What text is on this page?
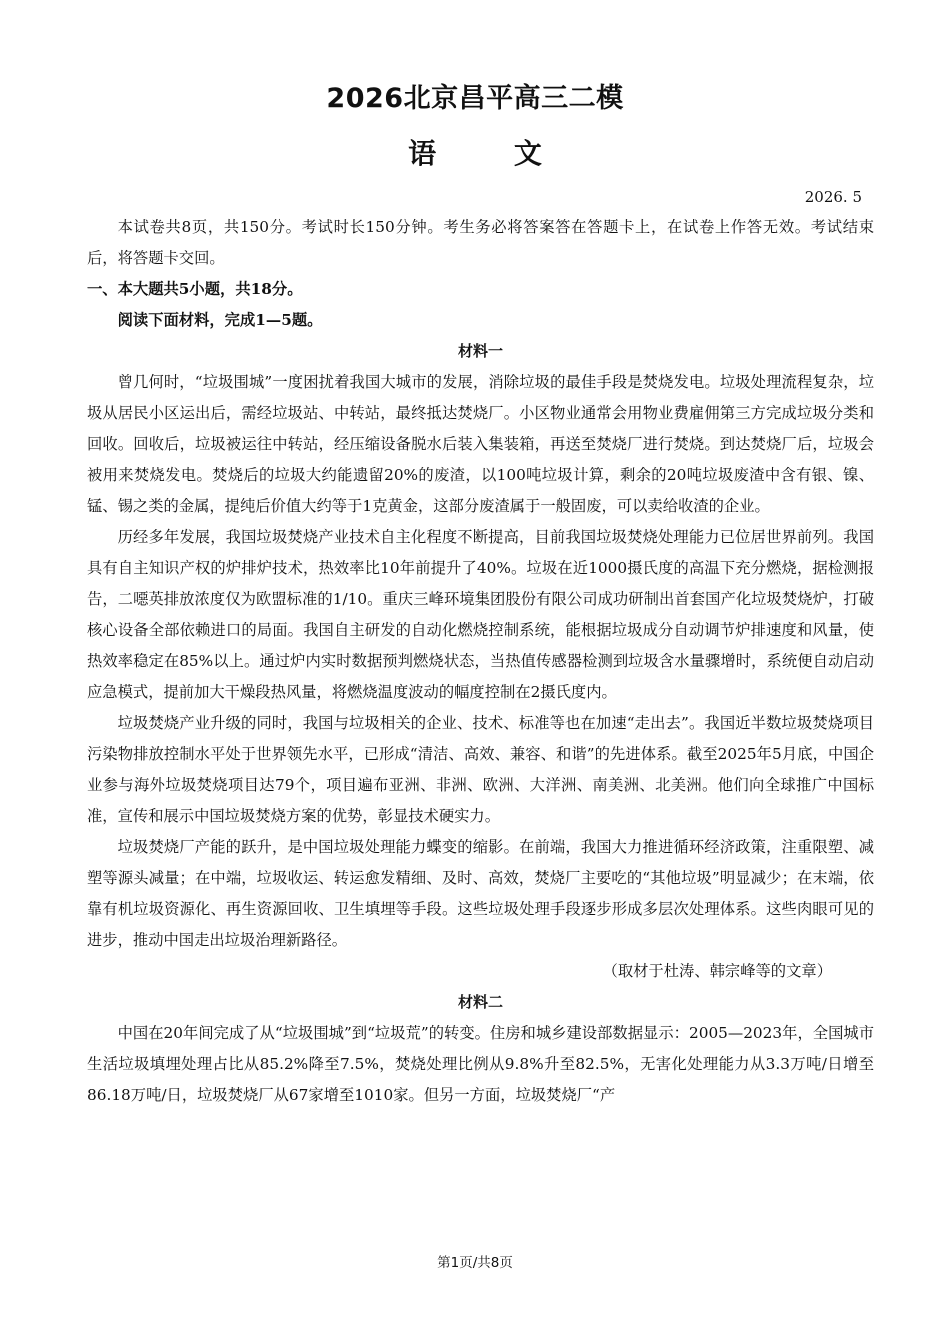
2026北京昌平高三二模
语 文
2026. 5

本试卷共8页，共150分。考试时长150分钟。考生务必将答案答在答题卡上，在试卷上作答无效。考试结束后，将答题卡交回。

一、本大题共5小题，共18分。

阅读下面材料，完成1—5题。

材料一

曾几何时，“垃圾围城”一度困扰着我国大城市的发展，消除垃圾的最佳手段是焚烧发电。垃圾处理流程复杂，垃圾从居民小区运出后，需经垃圾站、中转站，最终抵达焚烧厂。小区物业通常会用物业费雇佣第三方完成垃圾分类和回收。回收后，垃圾被运往中转站，经压缩设备脱水后装入集装箱，再送至焚烧厂进行焚烧。到达焚烧厂后，垃圾会被用来焚烧发电。焚烧后的垃圾大约能遗留20%的废渣，以100吨垃圾计算，剩余的20吨垃圾废渣中含有银、镍、锰、锡之类的金属，提纯后价值大约等于1克黄金，这部分废渣属于一般固废，可以卖给收渣的企业。

历经多年发展，我国垃圾焚烧产业技术自主化程度不断提高，目前我国垃圾焚烧处理能力已位居世界前列。我国具有自主知识产权的炉排炉技术，热效率比10年前提升了40%。垃圾在近1000摄氏度的高温下充分燃烧，据检测报告，二噁英排放浓度仅为欧盟标准的1/10。重庆三峰环境集团股份有限公司成功研制出首套国产化垃圾焚烧炉，打破核心设备全部依赖进口的局面。我国自主研发的自动化燃烧控制系统，能根据垃圾成分自动调节炉排速度和风量，使热效率稳定在85%以上。通过炉内实时数据预判燃烧状态，当热值传感器检测到垃圾含水量骤增时，系统便自动启动应急模式，提前加大干燥段热风量，将燃烧温度波动的幅度控制在2摄氏度内。

垃圾焚烧产业升级的同时，我国与垃圾相关的企业、技术、标准等也在加速“走出去”。我国近半数垃圾焚烧项目污染物排放控制水平处于世界领先水平，已形成“清洁、高效、兼容、和谐”的先进体系。截至2025年5月底，中国企业参与海外垃圾焚烧项目达79个，项目遍布亚洲、非洲、欧洲、大洋洲、南美洲、北美洲。他们向全球推广中国标准，宣传和展示中国垃圾焚烧方案的优势，彰显技术硬实力。

垃圾焚烧厂产能的跃升，是中国垃圾处理能力蝶变的缩影。在前端，我国大力推进循环经济政策，注重限塑、减塑等源头减量；在中端，垃圾收运、转运愈发精细、及时、高效，焚烧厂主要吃的“其他垃圾”明显减少；在末端，依靠有机垃圾资源化、再生资源回收、卫生填埋等手段。这些垃圾处理手段逐步形成多层次处理体系。这些肉眼可见的进步，推动中国走出垃圾治理新路径。

（取材于杜涛、韩宗峰等的文章）

材料二

中国在20年间完成了从“垃圾围城”到“垃圾荒”的转变。住房和城乡建设部数据显示：2005—2023年，全国城市生活垃圾填埋处理占比从85.2%降至7.5%，焚烧处理比例从9.8%升至82.5%，无害化处理能力从3.3万吨/日增至86.18万吨/日，垃圾焚烧厂从67家增至1010家。但另一方面，垃圾焚烧厂“产

第1页/共8页
